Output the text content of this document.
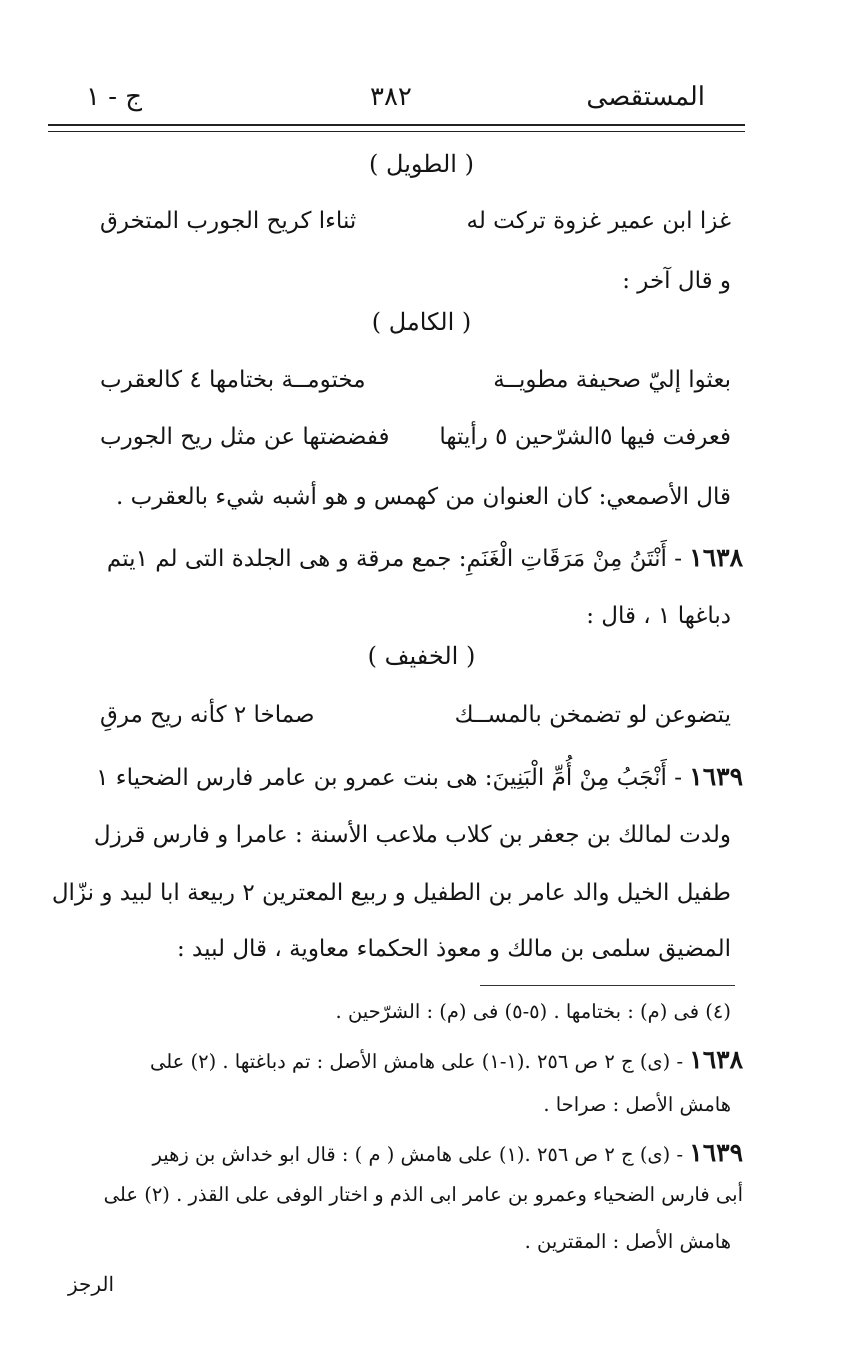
المستقصى
٣٨٢
ج - ١
( الطويل )
غزا ابن عمير غزوة تركت له
ثناءا كريح الجورب المتخرق
و قال آخر :
( الكامل )
بعثوا إليّ صحيفة مطويــة
مختومــة بختامها ٤ كالعقرب
فعرفت فيها ٥الشرّحين ٥ رأيتها
ففضضتها عن مثل ريح الجورب
قال الأصمعي: كان العنوان من كهمس و هو أشبه شيء بالعقرب .
١٦٣٨ - أَنْتَنُ مِنْ مَرَقَاتِ الْغَنَمِ: جمع مرقة و هى الجلدة التى لم ١يتم
دباغها ١ ، قال :
( الخفيف )
يتضوعن لو تضمخن بالمســك
صماخا ٢ كأنه ريح مرقِ
١٦٣٩ - أَنْجَبُ مِنْ أُمِّ الْبَنِينَ: هى بنت عمرو بن عامر فارس الضحياء ١
ولدت لمالك بن جعفر بن كلاب ملاعب الأسنة : عامرا و فارس قرزل
طفيل الخيل والد عامر بن الطفيل و ربيع المعترين ٢ ربيعة ابا لبيد و نزّال
المضيق سلمى بن مالك و معوذ الحكماء معاوية ، قال لبيد :
(٤) فى (م) : بختامها . (٥-٥) فى (م) : الشرّحين .
١٦٣٨ - (ى) ج ٢ ص ٢٥٦ .(١-١) على هامش الأصل : تم دباغتها . (٢) على
هامش الأصل : صراحا .
١٦٣٩ - (ى) ج ٢ ص ٢٥٦ .(١) على هامش ( م ) : قال ابو خداش بن زهير
أبى فارس الضحياء وعمرو بن عامر ابى الذم و اختار الوفى على القذر . (٢) على
هامش الأصل : المقترين .
الرجز
